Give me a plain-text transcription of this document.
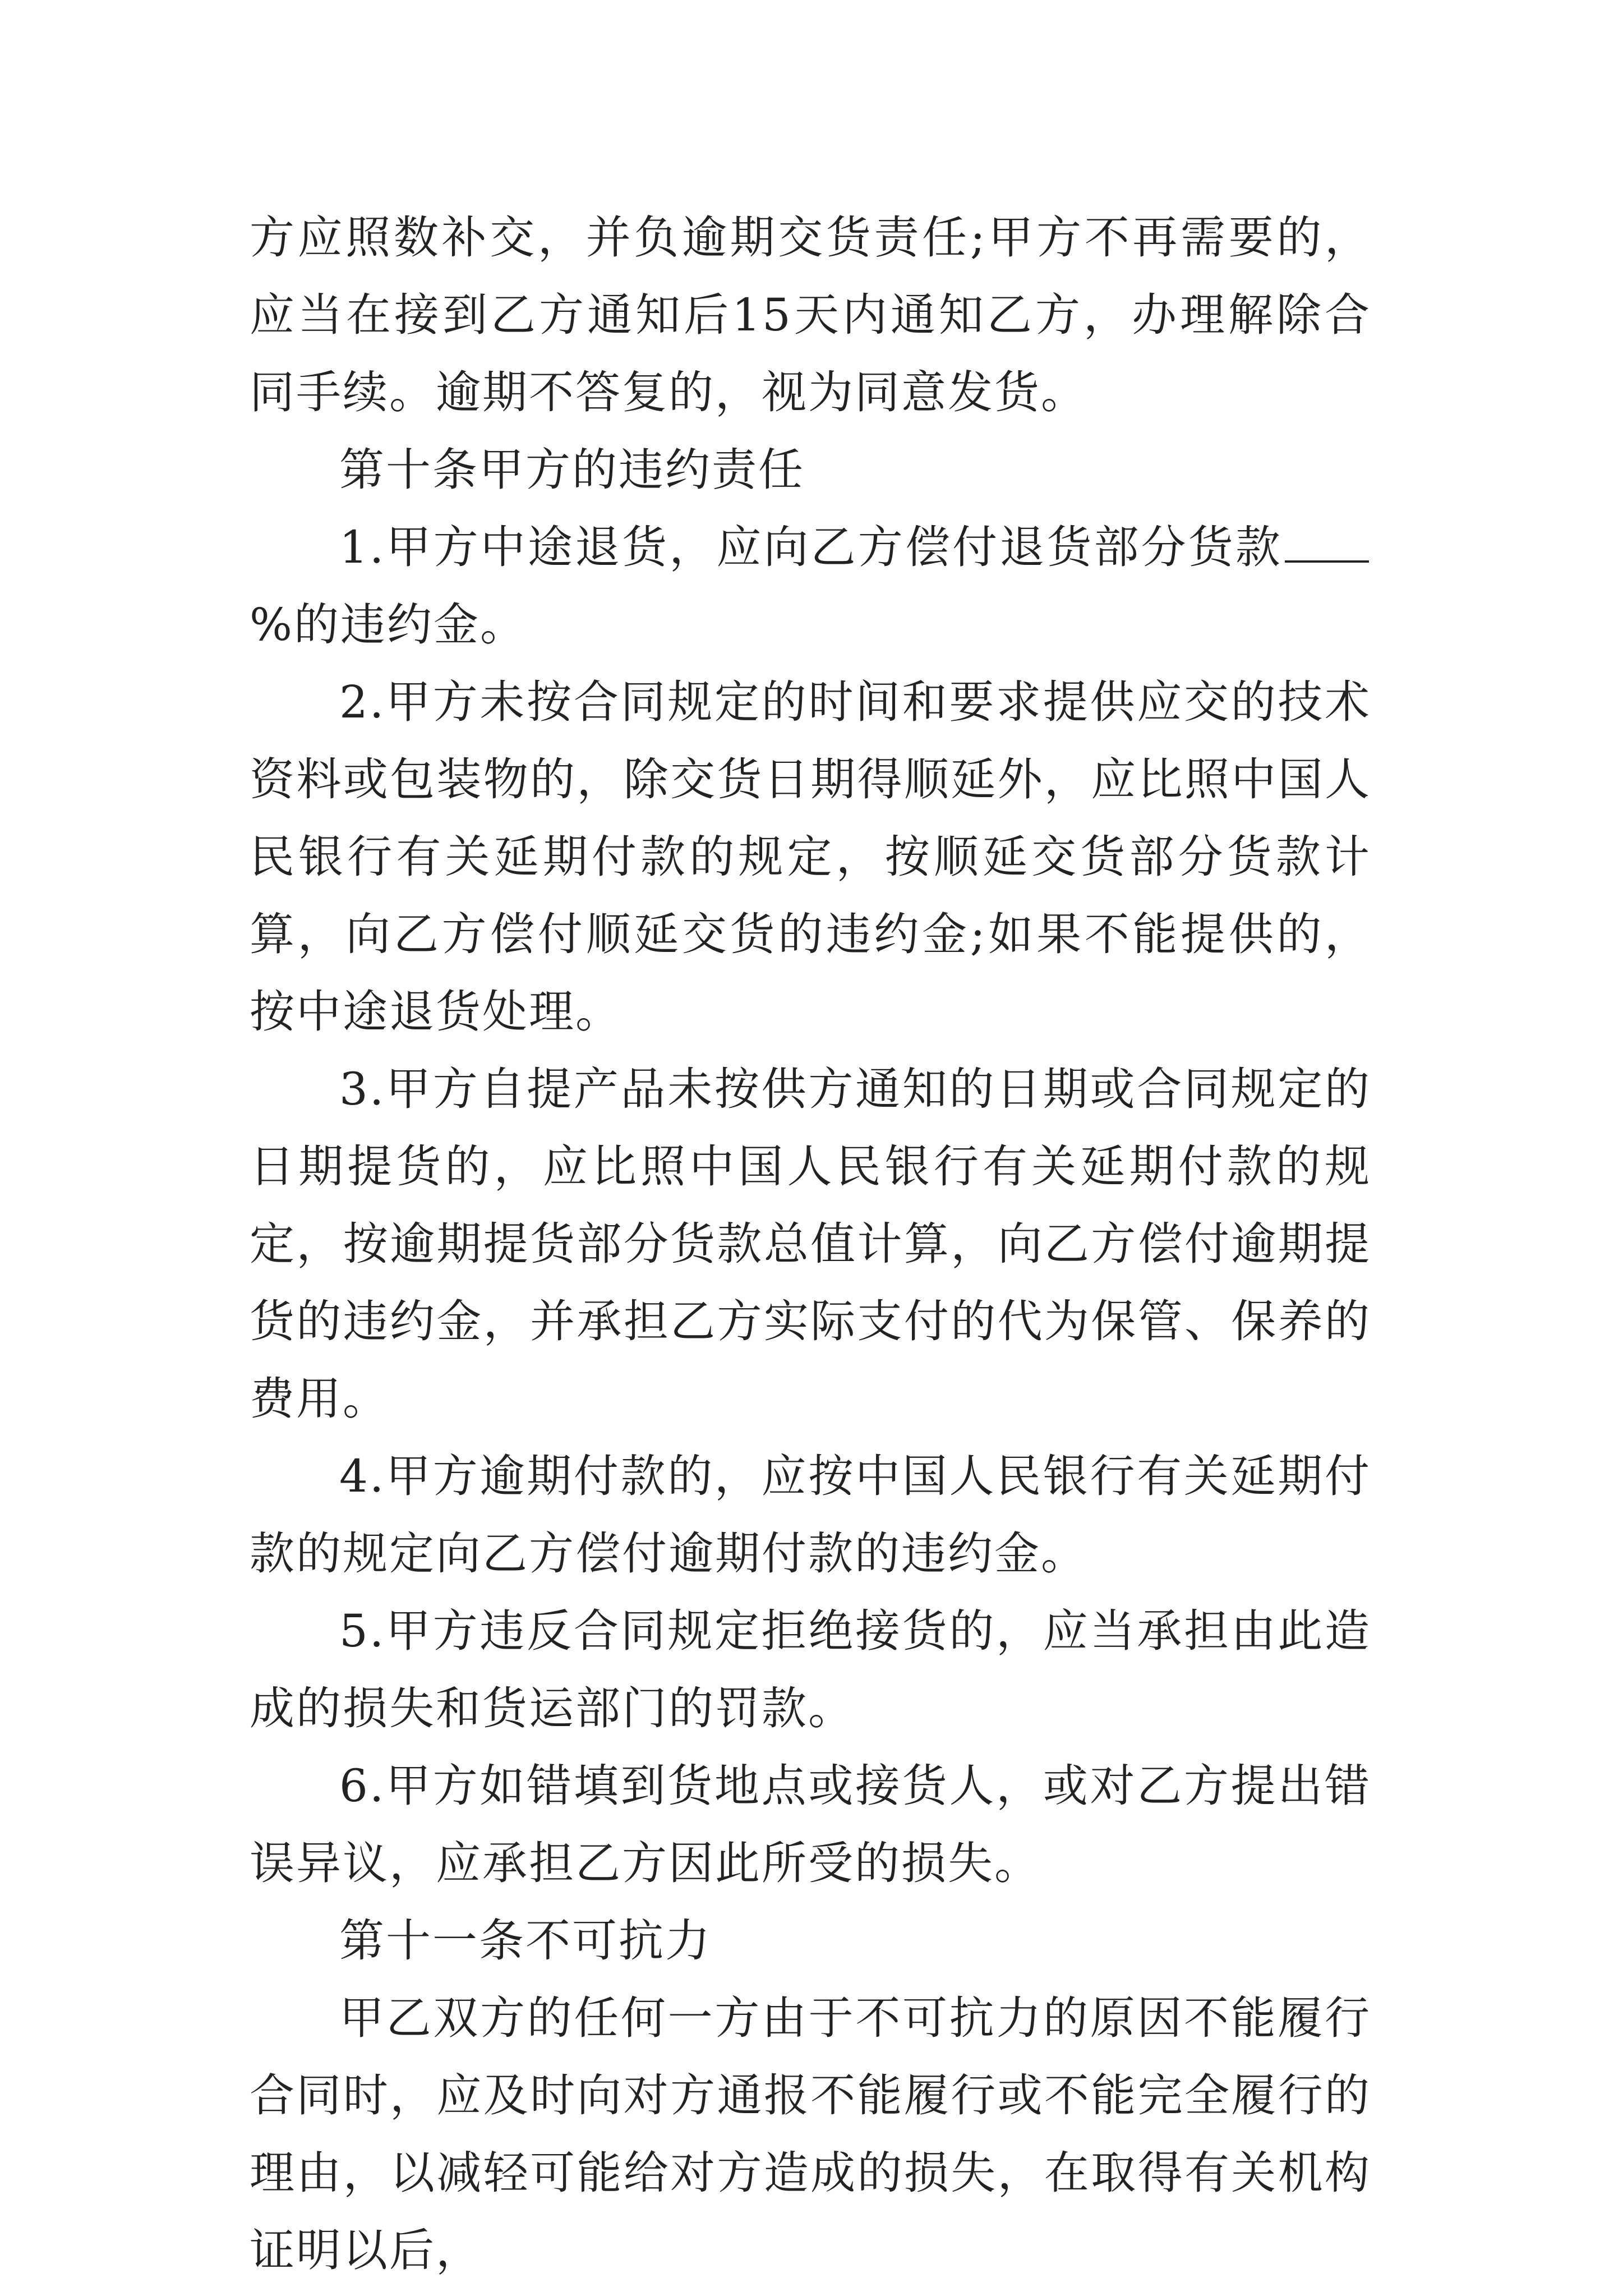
方应照数补交，并负逾期交货责任;甲方不再需要的，应当在接到乙方通知后15天内通知乙方，办理解除合同手续。逾期不答复的，视为同意发货。

第十条甲方的违约责任

1.甲方中途退货，应向乙方偿付退货部分货款%的违约金。

2.甲方未按合同规定的时间和要求提供应交的技术资料或包装物的，除交货日期得顺延外，应比照中国人民银行有关延期付款的规定，按顺延交货部分货款计算，向乙方偿付顺延交货的违约金;如果不能提供的，按中途退货处理。

3.甲方自提产品未按供方通知的日期或合同规定的日期提货的，应比照中国人民银行有关延期付款的规定，按逾期提货部分货款总值计算，向乙方偿付逾期提货的违约金，并承担乙方实际支付的代为保管、保养的费用。

4.甲方逾期付款的，应按中国人民银行有关延期付款的规定向乙方偿付逾期付款的违约金。

5.甲方违反合同规定拒绝接货的，应当承担由此造成的损失和货运部门的罚款。

6.甲方如错填到货地点或接货人，或对乙方提出错误异议，应承担乙方因此所受的损失。

第十一条不可抗力

甲乙双方的任何一方由于不可抗力的原因不能履行合同时，应及时向对方通报不能履行或不能完全履行的理由，以减轻可能给对方造成的损失，在取得有关机构证明以后，
